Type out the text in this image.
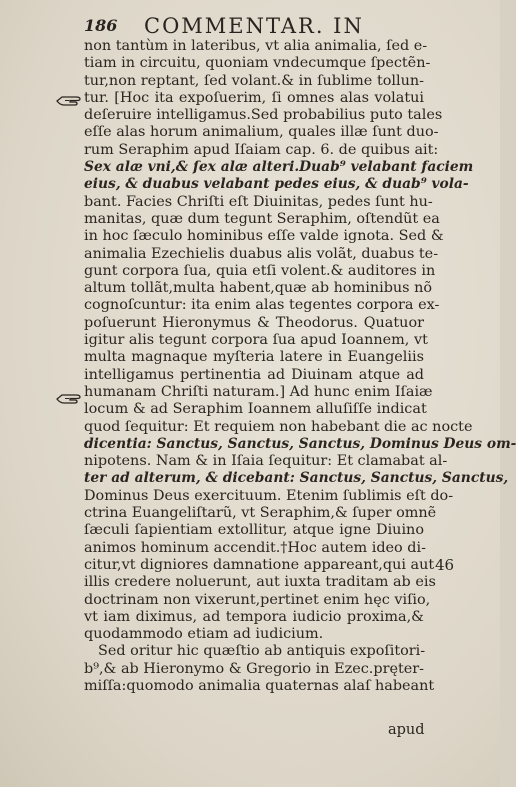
186 COMMENTAR. IN
non tantùm in lateribus, vt alia animalia, ſed e-
tiam in circuitu, quoniam vndecumque ſpectẽn-
tur,non reptant, ſed volant.& in ſublime tollun-
tur. [Hoc ita expoſuerim, ſi omnes alas volatui
deſeruire intelligamus.Sed probabilius puto tales
eſſe alas horum animalium, quales illæ ſunt duo-
rum Seraphim apud Iſaiam cap. 6. de quibus ait:
Sex alæ vni,& ſex alæ alteri.Duab⁹ velabant faciem
eius, & duabus velabant pedes eius, & duab⁹ vola-
bant. Facies Chriſti eſt Diuinitas, pedes ſunt hu-
manitas, quæ dum tegunt Seraphim, oſtendũt ea
in hoc ſæculo hominibus eſſe valde ignota. Sed &
animalia Ezechielis duabus alis volãt, duabus te-
gunt corpora ſua, quia etſi volent.& auditores in
altum tollãt,multa habent,quæ ab hominibus nõ
cognoſcuntur: ita enim alas tegentes corpora ex-
poſuerunt Hieronymus & Theodorus. Quatuor
igitur alis tegunt corpora ſua apud Ioannem, vt
multa magnaque myſteria latere in Euangeliis
intelligamus pertinentia ad Diuinam atque ad
humanam Chriſti naturam.] Ad hunc enim Iſaiæ
locum & ad Seraphim Ioannem alluſiſſe indicat
quod ſequitur: Et requiem non habebant die ac nocte
dicentia: Sanctus, Sanctus, Sanctus, Dominus Deus om-
nipotens. Nam & in Iſaia ſequitur: Et clamabat al-
ter ad alterum, & dicebant: Sanctus, Sanctus, Sanctus,
Dominus Deus exercituum. Etenim ſublimis eſt do-
ctrina Euangeliſtarũ, vt Seraphim,& ſuper omnẽ
ſæculi ſapientiam extollitur, atque igne Diuino
animos hominum accendit.†Hoc autem ideo di-
citur,vt digniores damnatione appareant,qui aut
illis credere noluerunt, aut iuxta traditam ab eis
doctrinam non vixerunt,pertinet enim hęc viſio,
vt iam diximus, ad tempora iudicio proxima,&
quodammodo etiam ad iudicium.
Sed oritur hic quæſtio ab antiquis expoſitori-
b⁹,& ab Hieronymo & Gregorio in Ezec.pręter-
miſſa:quomodo animalia quaternas alaſ habeant
46
apud
